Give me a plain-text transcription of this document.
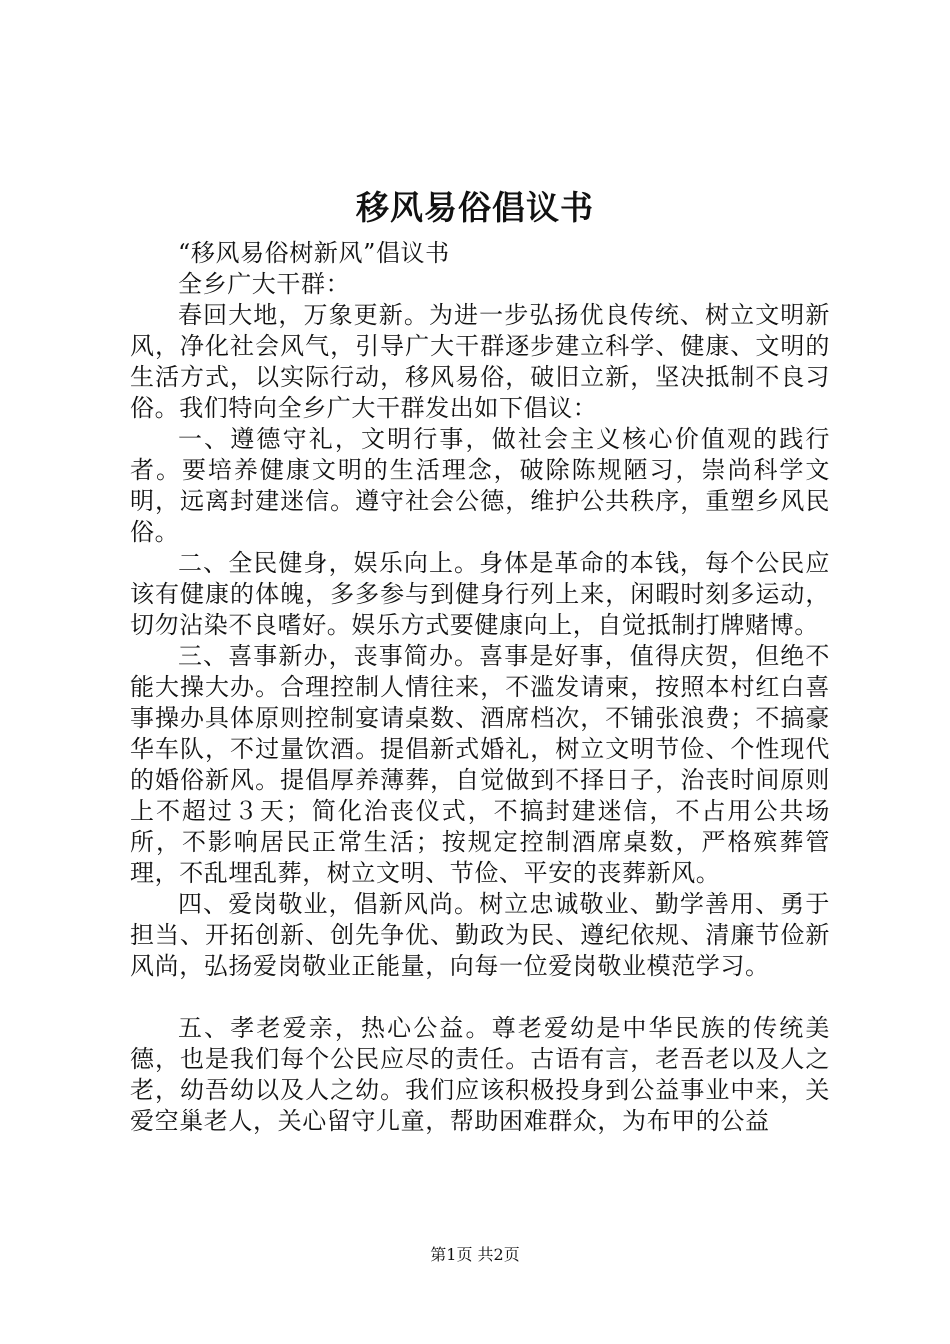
移风易俗倡议书

“移风易俗树新风”倡议书

全乡广大干群：

春回大地，万象更新。为进一步弘扬优良传统、树立文明新风，净化社会风气，引导广大干群逐步建立科学、健康、文明的生活方式，以实际行动，移风易俗，破旧立新，坚决抵制不良习俗。我们特向全乡广大干群发出如下倡议：

一、遵德守礼，文明行事，做社会主义核心价值观的践行者。要培养健康文明的生活理念，破除陈规陋习，崇尚科学文明，远离封建迷信。遵守社会公德，维护公共秩序，重塑乡风民俗。

二、全民健身，娱乐向上。身体是革命的本钱，每个公民应该有健康的体魄，多多参与到健身行列上来，闲暇时刻多运动，切勿沾染不良嗜好。娱乐方式要健康向上，自觉抵制打牌赌博。

三、喜事新办，丧事简办。喜事是好事，值得庆贺，但绝不能大操大办。合理控制人情往来，不滥发请柬，按照本村红白喜事操办具体原则控制宴请桌数、酒席档次，不铺张浪费；不搞豪华车队，不过量饮酒。提倡新式婚礼，树立文明节俭、个性现代的婚俗新风。提倡厚养薄葬，自觉做到不择日子，治丧时间原则上不超过３天；简化治丧仪式，不搞封建迷信，不占用公共场所，不影响居民正常生活；按规定控制酒席桌数，严格殡葬管理，不乱埋乱葬，树立文明、节俭、平安的丧葬新风。

四、爱岗敬业，倡新风尚。树立忠诚敬业、勤学善用、勇于担当、开拓创新、创先争优、勤政为民、遵纪依规、清廉节俭新风尚，弘扬爱岗敬业正能量，向每一位爱岗敬业模范学习。

五、孝老爱亲，热心公益。尊老爱幼是中华民族的传统美德，也是我们每个公民应尽的责任。古语有言，老吾老以及人之老，幼吾幼以及人之幼。我们应该积极投身到公益事业中来，关爱空巢老人，关心留守儿童，帮助困难群众，为布甲的公益

第1页 共2页
